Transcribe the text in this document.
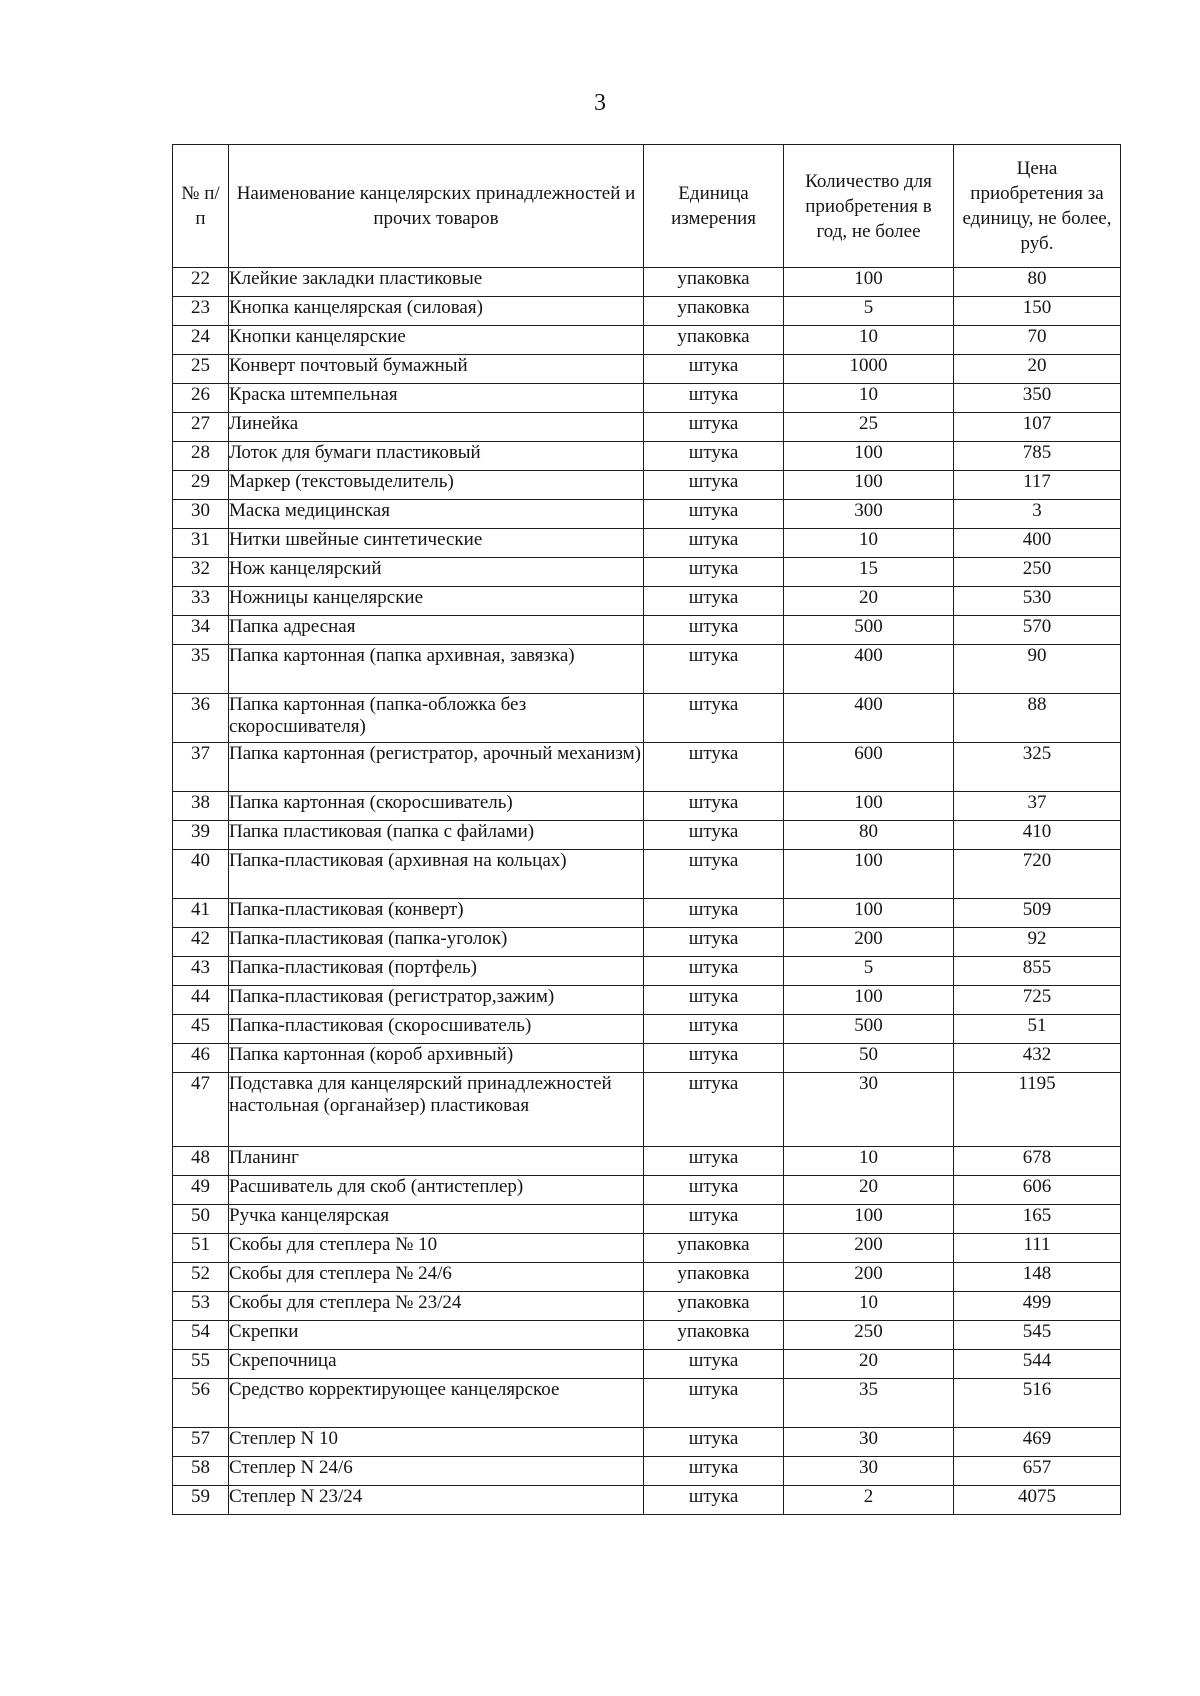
3
№ п/п	Наименование канцелярских принадлежностей и прочих товаров	Единица измерения	Количество для приобретения в год, не более	Цена приобретения за единицу, не более, руб.
22	Клейкие закладки пластиковые	упаковка	100	80
23	Кнопка канцелярская (силовая)	упаковка	5	150
24	Кнопки канцелярские	упаковка	10	70
25	Конверт почтовый бумажный	штука	1000	20
26	Краска штемпельная	штука	10	350
27	Линейка	штука	25	107
28	Лоток для бумаги пластиковый	штука	100	785
29	Маркер (текстовыделитель)	штука	100	117
30	Маска медицинская	штука	300	3
31	Нитки швейные синтетические	штука	10	400
32	Нож канцелярский	штука	15	250
33	Ножницы канцелярские	штука	20	530
34	Папка адресная	штука	500	570
35	Папка картонная (папка архивная, завязка)	штука	400	90
36	Папка картонная (папка-обложка без скоросшивателя)	штука	400	88
37	Папка картонная (регистратор, арочный механизм)	штука	600	325
38	Папка картонная (скоросшиватель)	штука	100	37
39	Папка пластиковая (папка с файлами)	штука	80	410
40	Папка-пластиковая (архивная на кольцах)	штука	100	720
41	Папка-пластиковая (конверт)	штука	100	509
42	Папка-пластиковая (папка-уголок)	штука	200	92
43	Папка-пластиковая (портфель)	штука	5	855
44	Папка-пластиковая (регистратор,зажим)	штука	100	725
45	Папка-пластиковая (скоросшиватель)	штука	500	51
46	Папка картонная (короб архивный)	штука	50	432
47	Подставка для канцелярский принадлежностей настольная (органайзер) пластиковая	штука	30	1195
48	Планинг	штука	10	678
49	Расшиватель для скоб (антистеплер)	штука	20	606
50	Ручка канцелярская	штука	100	165
51	Скобы для степлера № 10	упаковка	200	111
52	Скобы для степлера № 24/6	упаковка	200	148
53	Скобы для степлера № 23/24	упаковка	10	499
54	Скрепки	упаковка	250	545
55	Скрепочница	штука	20	544
56	Средство корректирующее канцелярское	штука	35	516
57	Степлер N 10	штука	30	469
58	Степлер N 24/6	штука	30	657
59	Степлер N 23/24	штука	2	4075
